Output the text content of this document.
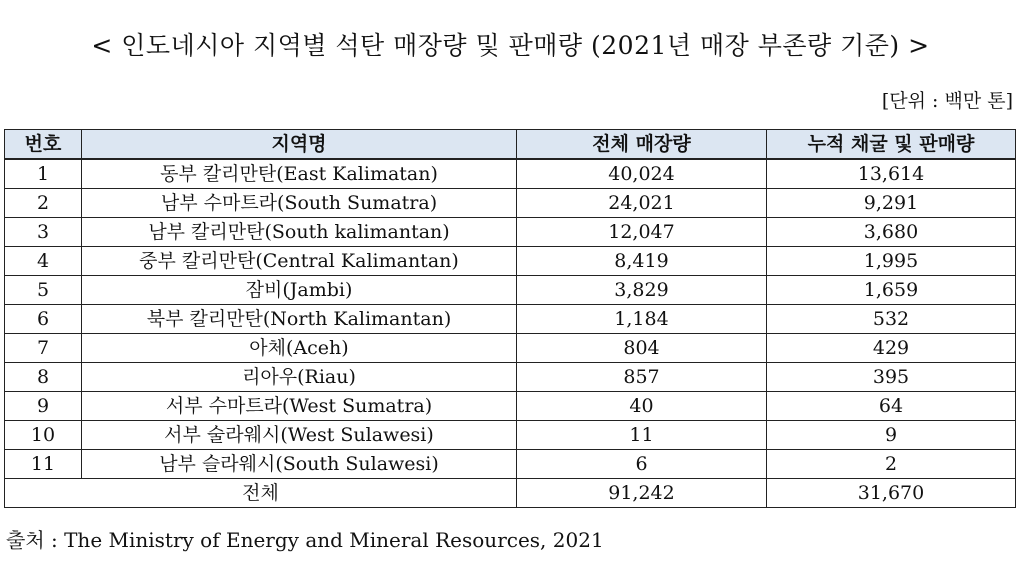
< 인도네시아 지역별 석탄 매장량 및 판매량 (2021년 매장 부존량 기준) >
[단위 : 백만 톤]
번호	지역명	전체 매장량	누적 채굴 및 판매량
1	동부 칼리만탄(East Kalimatan)	40,024	13,614
2	남부 수마트라(South Sumatra)	24,021	9,291
3	남부 칼리만탄(South kalimantan)	12,047	3,680
4	중부 칼리만탄(Central Kalimantan)	8,419	1,995
5	잠비(Jambi)	3,829	1,659
6	북부 칼리만탄(North Kalimantan)	1,184	532
7	아체(Aceh)	804	429
8	리아우(Riau)	857	395
9	서부 수마트라(West Sumatra)	40	64
10	서부 술라웨시(West Sulawesi)	11	9
11	남부 슬라웨시(South Sulawesi)	6	2
전체		91,242	31,670
출처 : The Ministry of Energy and Mineral Resources, 2021
